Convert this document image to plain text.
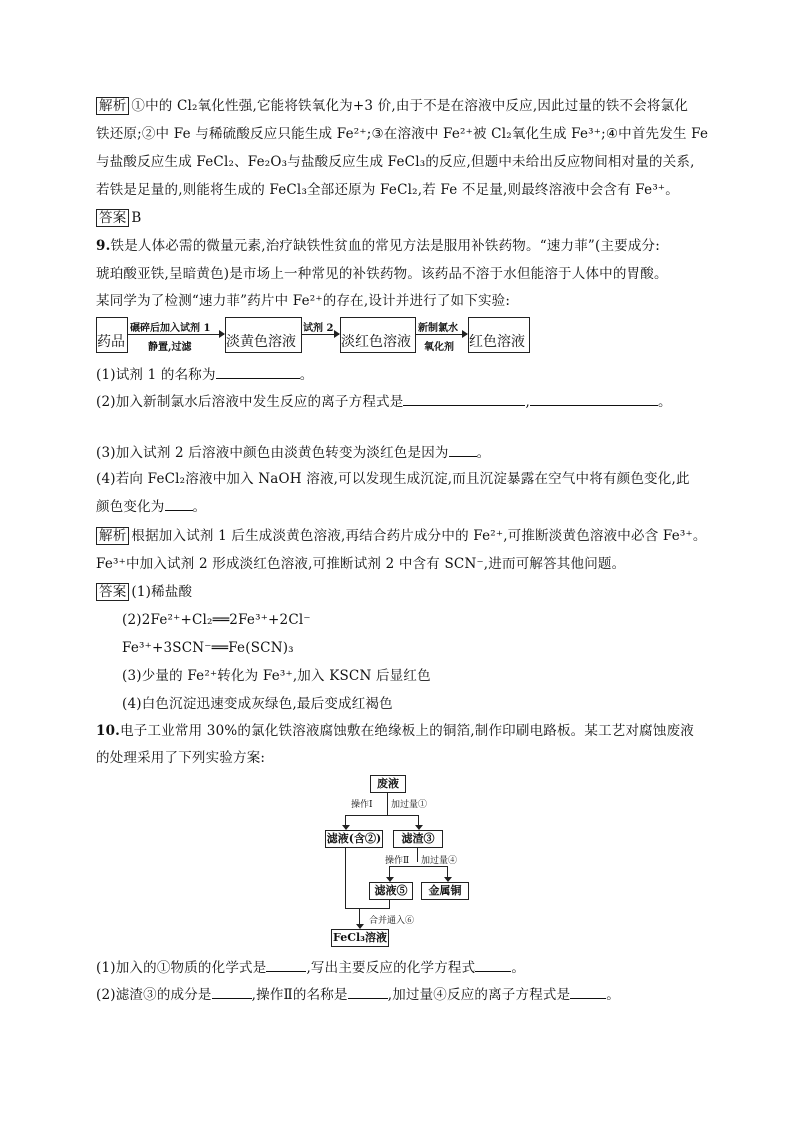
解析 ①中的 Cl₂氧化性强,它能将铁氧化为+3 价,由于不是在溶液中反应,因此过量的铁不会将氯化
铁还原;②中 Fe 与稀硫酸反应只能生成 Fe²⁺;③在溶液中 Fe²⁺被 Cl₂氧化生成 Fe³⁺;④中首先发生 Fe
与盐酸反应生成 FeCl₂、Fe₂O₃与盐酸反应生成 FeCl₃的反应,但题中未给出反应物间相对量的关系,
若铁是足量的,则能将生成的 FeCl₃全部还原为 FeCl₂,若 Fe 不足量,则最终溶液中会含有 Fe³⁺。
答案 B
9.铁是人体必需的微量元素,治疗缺铁性贫血的常见方法是服用补铁药物。“速力菲”(主要成分:
琥珀酸亚铁,呈暗黄色)是市场上一种常见的补铁药物。该药品不溶于水但能溶于人体中的胃酸。
某同学为了检测“速力菲”药片中 Fe²⁺的存在,设计并进行了如下实验:
药品
碾碎后加入试剂 1
静置,过滤 淡黄色溶液
试剂 2
淡红色溶液
新制氯水
氧化剂 红色溶液
(1)试剂 1 的名称为	。
(2)加入新制氯水后溶液中发生反应的离子方程式是	,	。
(3)加入试剂 2 后溶液中颜色由淡黄色转变为淡红色是因为 。
(4)若向 FeCl₂溶液中加入 NaOH 溶液,可以发现生成沉淀,而且沉淀暴露在空气中将有颜色变化,此
颜色变化为 。
解析 根据加入试剂 1 后生成淡黄色溶液,再结合药片成分中的 Fe²⁺,可推断淡黄色溶液中必含 Fe³⁺。
Fe³⁺中加入试剂 2 形成淡红色溶液,可推断试剂 2 中含有 SCN⁻,进而可解答其他问题。
答案 (1)稀盐酸
(2)2Fe²⁺+Cl₂══2Fe³⁺+2Cl⁻
Fe³⁺+3SCN⁻══Fe(SCN)₃
(3)少量的 Fe²⁺转化为 Fe³⁺,加入 KSCN 后显红色
(4)白色沉淀迅速变成灰绿色,最后变成红褐色
10.电子工业常用 30%的氯化铁溶液腐蚀敷在绝缘板上的铜箔,制作印刷电路板。某工艺对腐蚀废液
的处理采用了下列实验方案:
废液
操作Ⅰ 加过量①
滤液(含②)	滤渣③
操作Ⅱ 加过量④
滤液⑤	金属铜
合并通入⑥
FeCl₃溶液
(1)加入的①物质的化学式是	,写出主要反应的化学方程式	。
(2)滤渣③的成分是	,操作Ⅱ的名称是	,加过量④反应的离子方程式是	。
